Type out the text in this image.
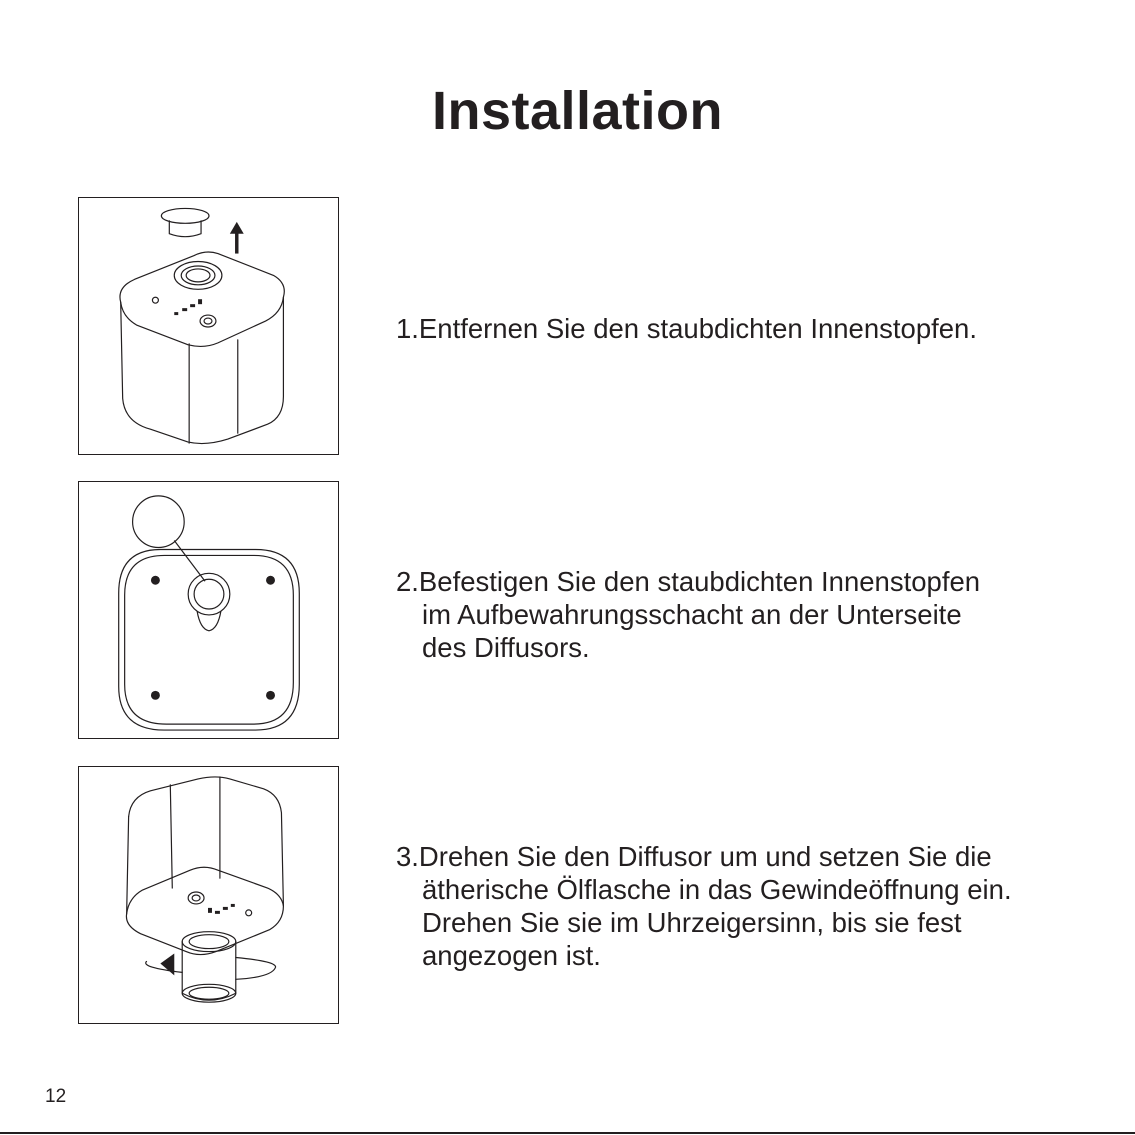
Installation
1.Entfernen Sie den staubdichten Innenstopfen.
2.Befestigen Sie den staubdichten Innenstopfen
im Aufbewahrungsschacht an der Unterseite
des Diffusors.
3.Drehen Sie den Diffusor um und setzen Sie die
ätherische Ölflasche in das Gewindeöffnung ein.
Drehen Sie sie im Uhrzeigersinn, bis sie fest
angezogen ist.
12
